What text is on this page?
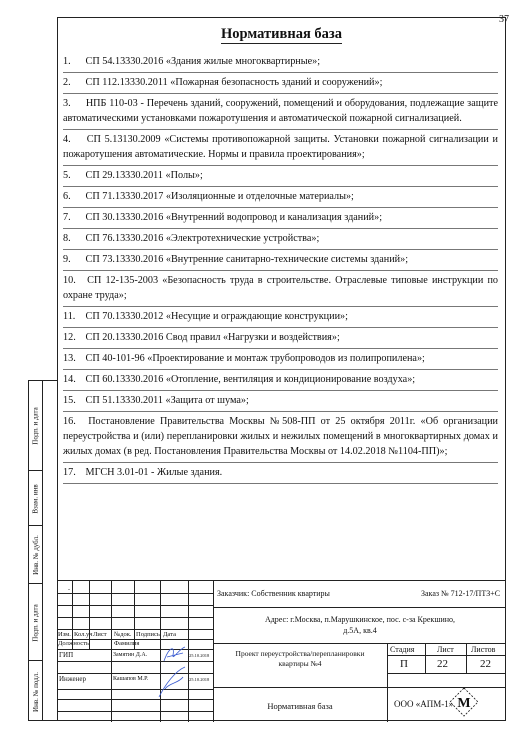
37
Нормативная база
1. СП 54.13330.2016 «Здания жилые многоквартирные»;
2. СП 112.13330.2011 «Пожарная безопасность зданий и сооружений»;
3. НПБ 110-03 - Перечень зданий, сооружений, помещений и оборудования, подлежащие защите автоматическими установками пожаротушения и автоматической пожарной сигнализацией.
4. СП 5.13130.2009 «Системы противопожарной защиты. Установки пожарной сигнализации и пожаротушения автоматические. Нормы и правила проектирования»;
5. СП 29.13330.2011 «Полы»;
6. СП 71.13330.2017 «Изоляционные и отделочные материалы»;
7. СП 30.13330.2016 «Внутренний водопровод и канализация зданий»;
8. СП 76.13330.2016 «Электротехнические устройства»;
9. СП 73.13330.2016 «Внутренние санитарно-технические системы зданий»;
10. СП 12-135-2003 «Безопасность труда в строительстве. Отраслевые типовые инструкции по охране труда»;
11. СП 70.13330.2012 «Несущие и ограждающие конструкции»;
12. СП 20.13330.2016 Свод правил «Нагрузки и воздействия»;
13. СП 40-101-96 «Проектирование и монтаж трубопроводов из полипропилена»;
14. СП 60.13330.2016 «Отопление, вентиляция и кондиционирование воздуха»;
15. СП 51.13330.2011 «Защита от шума»;
16. Постановление Правительства Москвы №508-ПП от 25 октября 2011г. «Об организации переустройства и (или) перепланировки жилых и нежилых помещений в многоквартирных домах и жилых домах (в ред. Постановления Правительства Москвы от 14.02.2018 №1104-ПП)»;
17. МГСН 3.01-01 - Жилые здания.
Подп. и дата
Взам. инв
Инв. № дубл.
Подп. и дата
Инв. № подл.
.
Заказчик: Собственник квартиры	Заказ № 712-17/ПТЗ+С
Адрес: г.Москва, п.Марушкинское, пос. с-за Крекшино,
д.5А, кв.4
Проект переустройства/перепланировки
квартиры №4
Нормативная база
Стадия	Лист Листов
П	22	22
ООО «АПМ-1»
Изм. Кол.уч Лист №док. Подпись Дата
Должность	Фамилия
ГИП	Замятин Д.А.	25.10.2018
Инженер	Кашапов М.Р.	25.10.2018
M
